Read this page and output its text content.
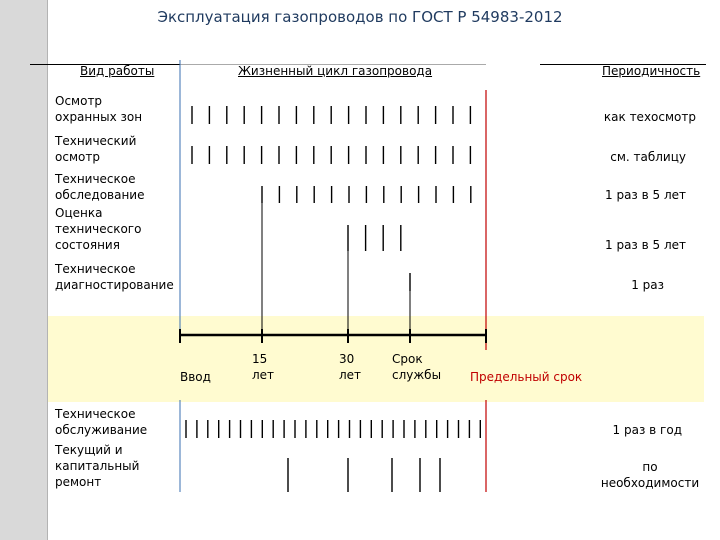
Эксплуатация газопроводов по ГОСТ Р 54983-2012
Вид работы	Жизненный цикл газопровода	Периодичность
Осмотр
охранных зон
Технический
осмотр
Техническое
обследование
Оценка
технического
состояния
Техническое
диагностирование
Техническое
обслуживание
Текущий и
капитальный
ремонт
как техосмотр
см. таблицу
1 раз в 5 лет
1 раз в 5 лет
1 раз
1 раз в год
по
необходимости
Ввод
15
лет
30
лет
Срок
службы Предельный срок
